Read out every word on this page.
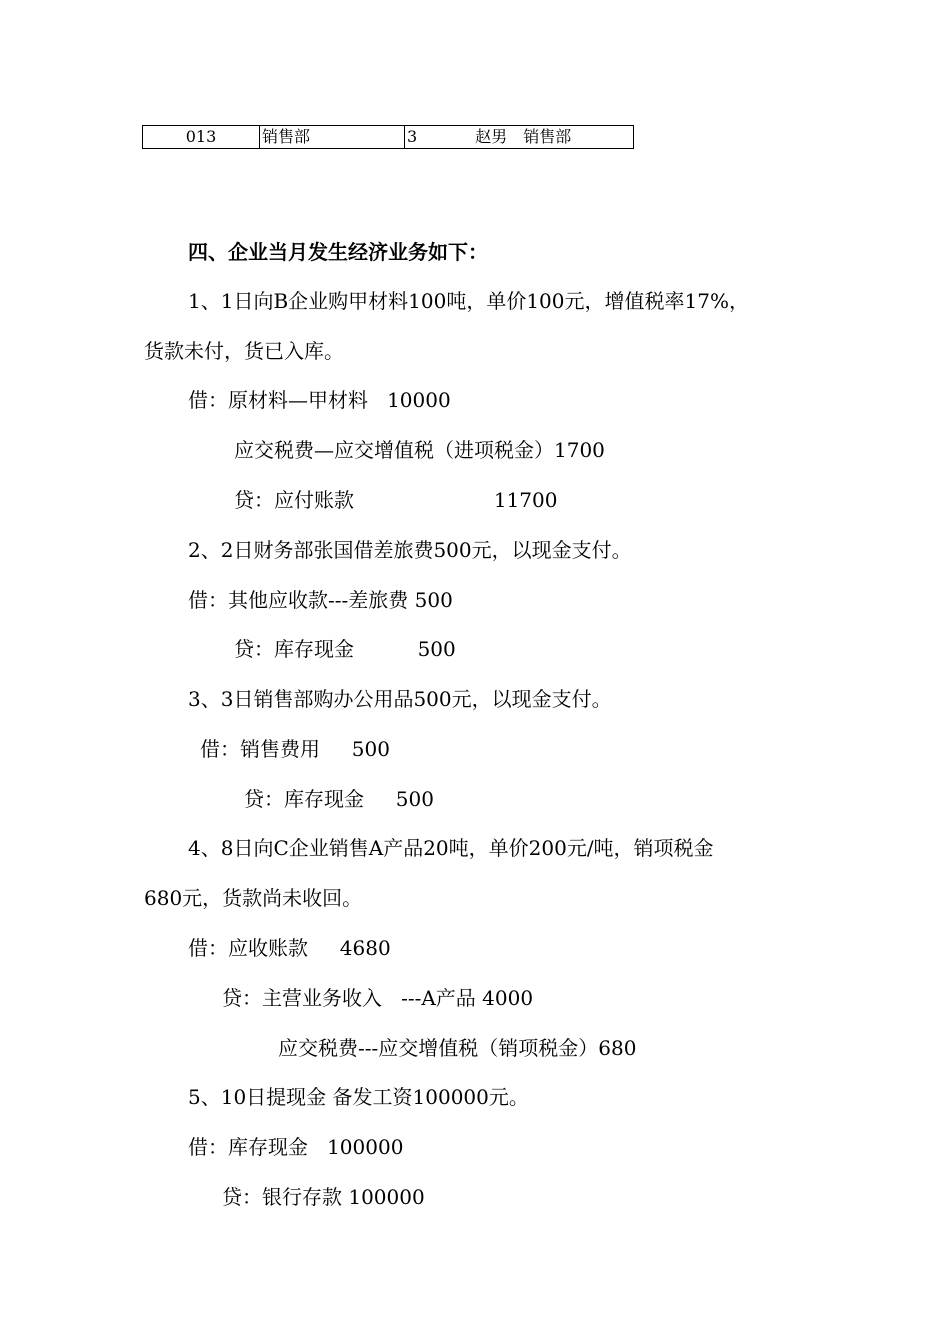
013	销售部	3	赵男 销售部
四、企业当月发生经济业务如下：
1、1日向B企业购甲材料100吨，单价100元，增值税率17%，
货款未付，货已入库。
借：原材料—甲材料   10000
应交税费—应交增值税（进项税金）1700
贷：应付账款                      11700
2、2日财务部张国借差旅费500元，以现金支付。
借：其他应收款---差旅费 500
贷：库存现金          500
3、3日销售部购办公用品500元，以现金支付。
借：销售费用     500
贷：库存现金     500
4、8日向C企业销售A产品20吨，单价200元/吨，销项税金
680元，货款尚未收回。
借：应收账款     4680
贷：主营业务收入   ---A产品 4000
应交税费---应交增值税（销项税金）680
5、10日提现金 备发工资100000元。
借：库存现金   100000
贷：银行存款 100000
